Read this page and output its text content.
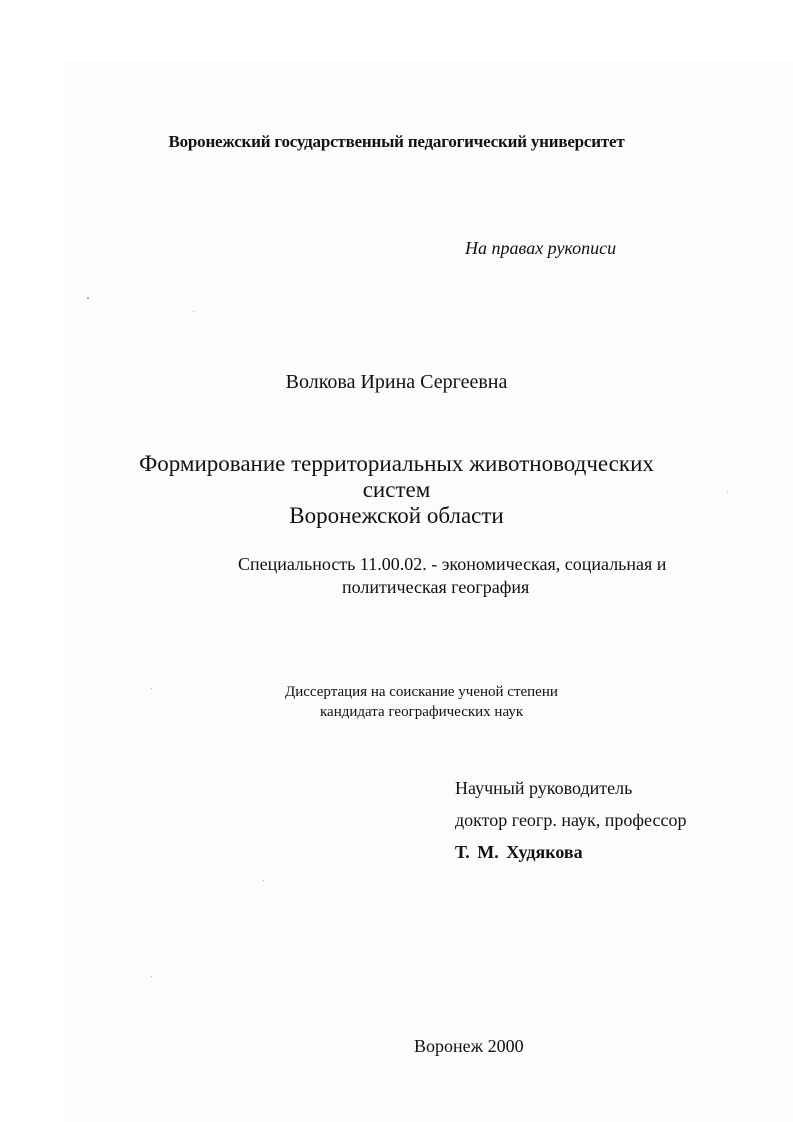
Воронежский государственный педагогический университет
На правах рукописи
Волкова Ирина Сергеевна
Формирование территориальных животноводческих
систем
Воронежской области
Специальность 11.00.02. - экономическая, социальная и
политическая география
Диссертация на соискание ученой степени
кандидата географических наук
Научный руководитель
доктор геогр. наук, профессор
Т. М. Худякова
Воронеж 2000
